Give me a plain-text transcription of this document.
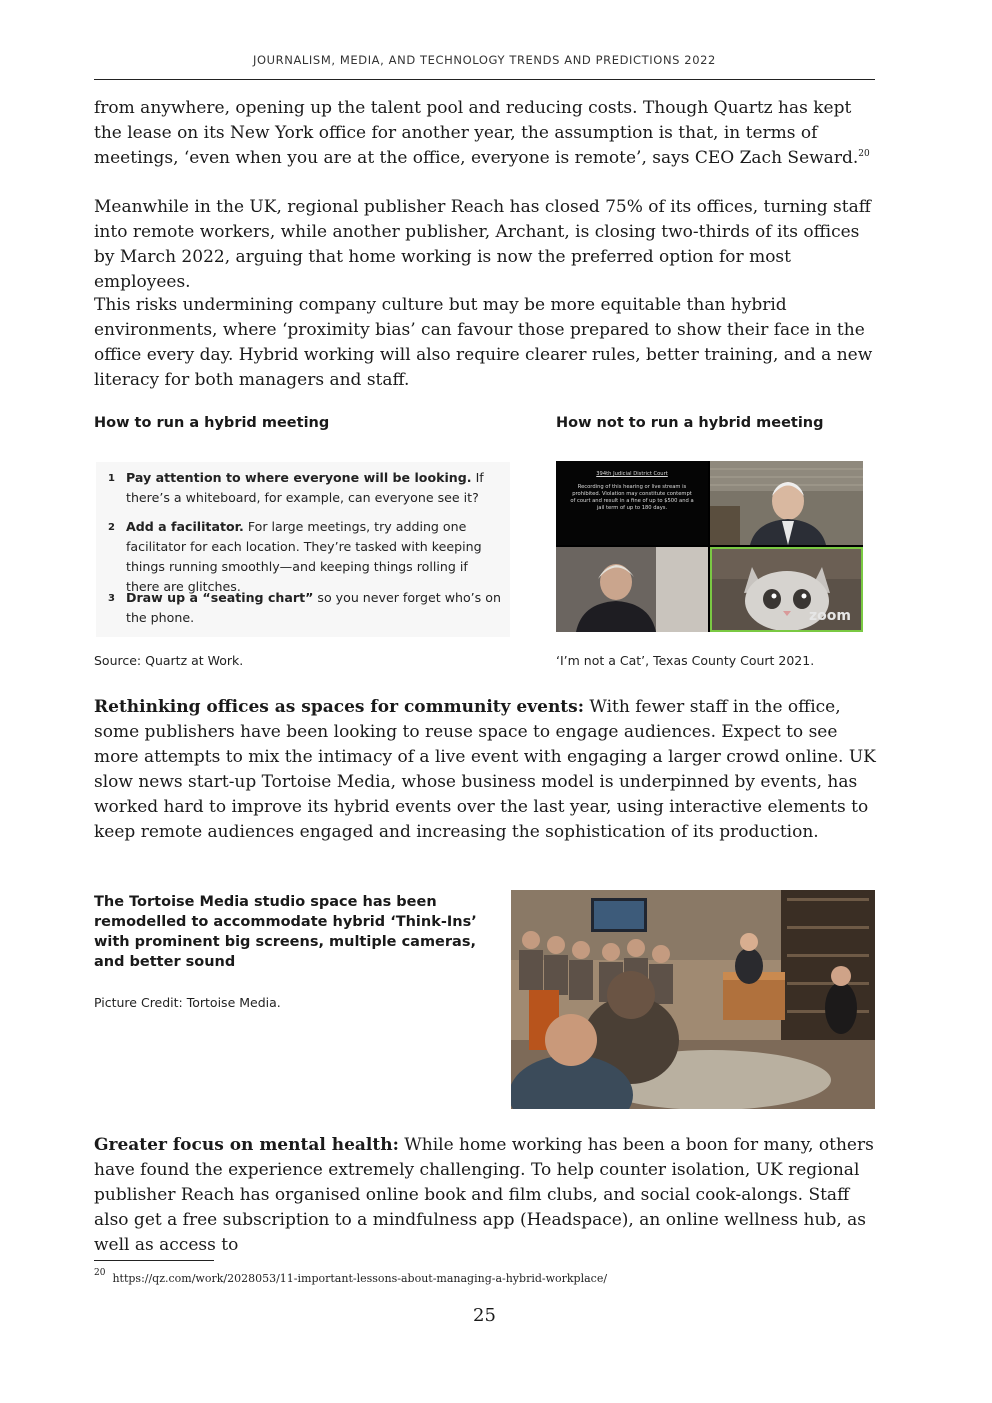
JOURNALISM, MEDIA, AND TECHNOLOGY TRENDS AND PREDICTIONS 2022

from anywhere, opening up the talent pool and reducing costs. Though Quartz has kept the lease on its New York office for another year, the assumption is that, in terms of meetings, ‘even when you are at the office, everyone is remote’, says CEO Zach Seward.$^{20}$

Meanwhile in the UK, regional publisher Reach has closed 75% of its offices, turning staff into remote workers, while another publisher, Archant, is closing two-thirds of its offices by March 2022, arguing that home working is now the preferred option for most employees.

This risks undermining company culture but may be more equitable than hybrid environments, where ‘proximity bias’ can favour those prepared to show their face in the office every day. Hybrid working will also require clearer rules, better training, and a new literacy for both managers and staff.

How to run a hybrid meeting
1 Pay attention to where everyone will be looking. If there’s a whiteboard, for example, can everyone see it?
2 Add a facilitator. For large meetings, try adding one facilitator for each location. They’re tasked with keeping things running smoothly—and keeping things rolling if there are glitches.
3 Draw up a “seating chart” so you never forget who’s on the phone.
Source: Quartz at Work.
How not to run a hybrid meeting
394th Judicial District Court
Recording of this hearing or live stream is prohibited. Violation may constitute contempt of court and result in a fine of up to $500 and a jail term of up to 180 days.
zoom
‘I’m not a Cat’, Texas County Court 2021.

Rethinking offices as spaces for community events: With fewer staff in the office, some publishers have been looking to reuse space to engage audiences. Expect to see more attempts to mix the intimacy of a live event with engaging a larger crowd online. UK slow news start-up Tortoise Media, whose business model is underpinned by events, has worked hard to improve its hybrid events over the last year, using interactive elements to keep remote audiences engaged and increasing the sophistication of its production.

The Tortoise Media studio space has been remodelled to accommodate hybrid ‘Think-Ins’ with prominent big screens, multiple cameras, and better sound
Picture Credit: Tortoise Media.

Greater focus on mental health: While home working has been a boon for many, others have found the experience extremely challenging. To help counter isolation, UK regional publisher Reach has organised online book and film clubs, and social cook-alongs. Staff also get a free subscription to a mindfulness app (Headspace), an online wellness hub, as well as access to

$^{20}$ https://qz.com/work/2028053/11-important-lessons-about-managing-a-hybrid-workplace/
25
